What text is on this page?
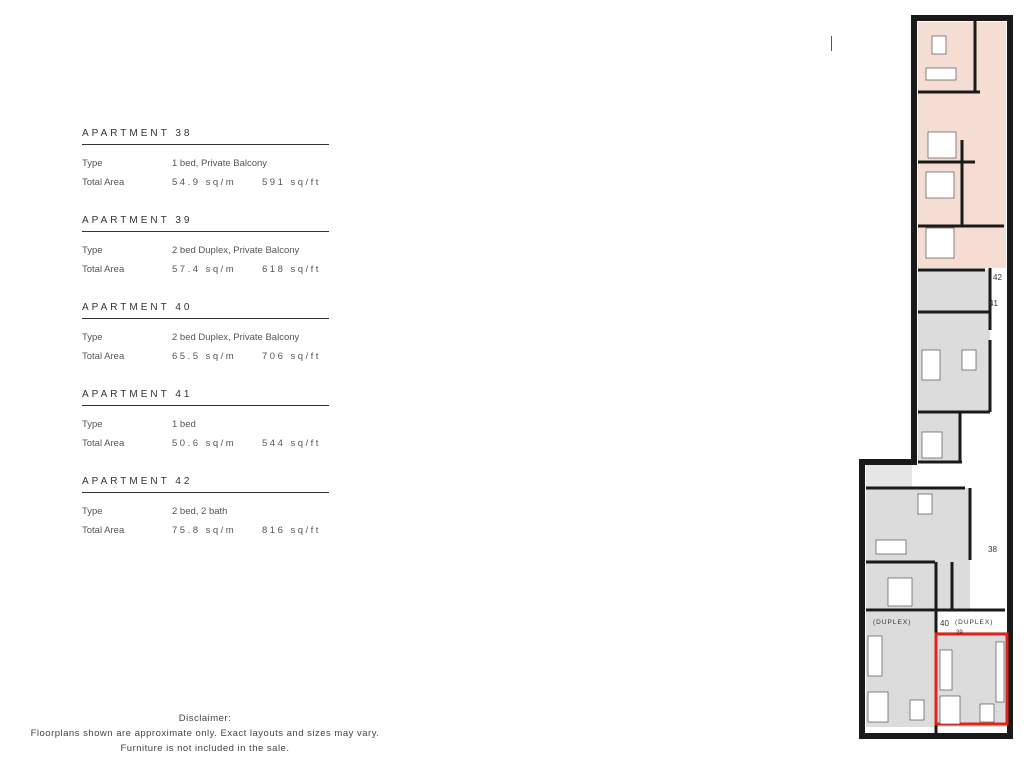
APARTMENT 38
Type	1 bed, Private Balcony
Total Area	54.9 sq/m	591 sq/ft
APARTMENT 39
Type	2 bed Duplex, Private Balcony
Total Area	57.4 sq/m	618 sq/ft
APARTMENT 40
Type	2 bed Duplex, Private Balcony
Total Area	65.5 sq/m	706 sq/ft
APARTMENT 41
Type	1 bed
Total Area	50.6 sq/m	544 sq/ft
APARTMENT 42
Type	2 bed, 2 bath
Total Area	75.8 sq/m	816 sq/ft
Disclaimer:
Floorplans shown are approximate only. Exact layouts and sizes may vary.
Furniture is not included in the sale.
42
41
38
40
39
(DUPLEX)	(DUPLEX)
